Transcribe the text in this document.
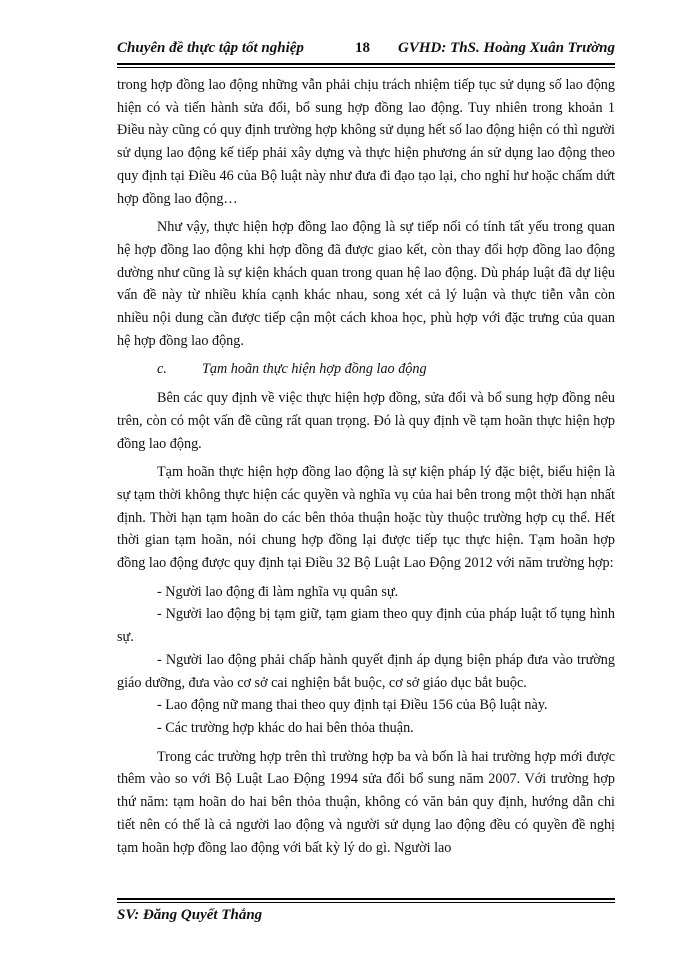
Chuyên đề thực tập tốt nghiệp	18 GVHD: ThS. Hoàng Xuân Trường

trong hợp đồng lao động những vẫn phải chịu trách nhiệm tiếp tục sử dụng số lao động hiện có và tiến hành sửa đổi, bổ sung hợp đồng lao động. Tuy nhiên trong khoản 1 Điều này cũng có quy định trường hợp không sử dụng hết số lao động hiện có thì người sử dụng lao động kế tiếp phải xây dựng và thực hiện phương án sử dụng lao động theo quy định tại Điều 46 của Bộ luật này như đưa đi đạo tạo lại, cho nghỉ hư hoặc chấm dứt hợp đồng lao động…

Như vậy, thực hiện hợp đồng lao động là sự tiếp nối có tính tất yếu trong quan hệ hợp đồng lao động khi hợp đồng đã được giao kết, còn thay đổi hợp đồng lao động dường như cũng là sự kiện khách quan trong quan hệ lao động. Dù pháp luật đã dự liệu vấn đề này từ nhiều khía cạnh khác nhau, song xét cả lý luận và thực tiễn vẫn còn nhiều nội dung cần được tiếp cận một cách khoa học, phù hợp với đặc trưng của quan hệ hợp đồng lao động.

c. Tạm hoãn thực hiện hợp đồng lao động

Bên các quy định về việc thực hiện hợp đồng, sửa đổi và bổ sung hợp đồng nêu trên, còn có một vấn đề cũng rất quan trọng. Đó là quy định về tạm hoãn thực hiện hợp đồng lao động.

Tạm hoãn thực hiện hợp đồng lao động là sự kiện pháp lý đặc biệt, biểu hiện là sự tạm thời không thực hiện các quyền và nghĩa vụ của hai bên trong một thời hạn nhất định. Thời hạn tạm hoãn do các bên thỏa thuận hoặc tùy thuộc trường hợp cụ thể. Hết thời gian tạm hoãn, nói chung hợp đồng lại được tiếp tục thực hiện. Tạm hoãn hợp đồng lao động được quy định tại Điều 32 Bộ Luật Lao Động 2012 với năm trường hợp:

- Người lao động đi làm nghĩa vụ quân sự.

- Người lao động bị tạm giữ, tạm giam theo quy định của pháp luật tố tụng hình sự.

- Người lao động phải chấp hành quyết định áp dụng biện pháp đưa vào trường giáo dưỡng, đưa vào cơ sở cai nghiện bắt buộc, cơ sở giáo dục bắt buộc.

- Lao động nữ mang thai theo quy định tại Điều 156 của Bộ luật này.

- Các trường hợp khác do hai bên thỏa thuận.

Trong các trường hợp trên thì trường hợp ba và bốn là hai trường hợp mới được thêm vào so với Bộ Luật Lao Động 1994 sửa đổi bổ sung năm 2007. Với trường hợp thứ năm: tạm hoãn do hai bên thỏa thuận, không có văn bản quy định, hướng dẫn chi tiết nên có thể là cả người lao động và người sử dụng lao động đều có quyền đề nghị tạm hoãn hợp đồng lao động với bất kỳ lý do gì. Người lao

SV: Đăng Quyết Thắng
